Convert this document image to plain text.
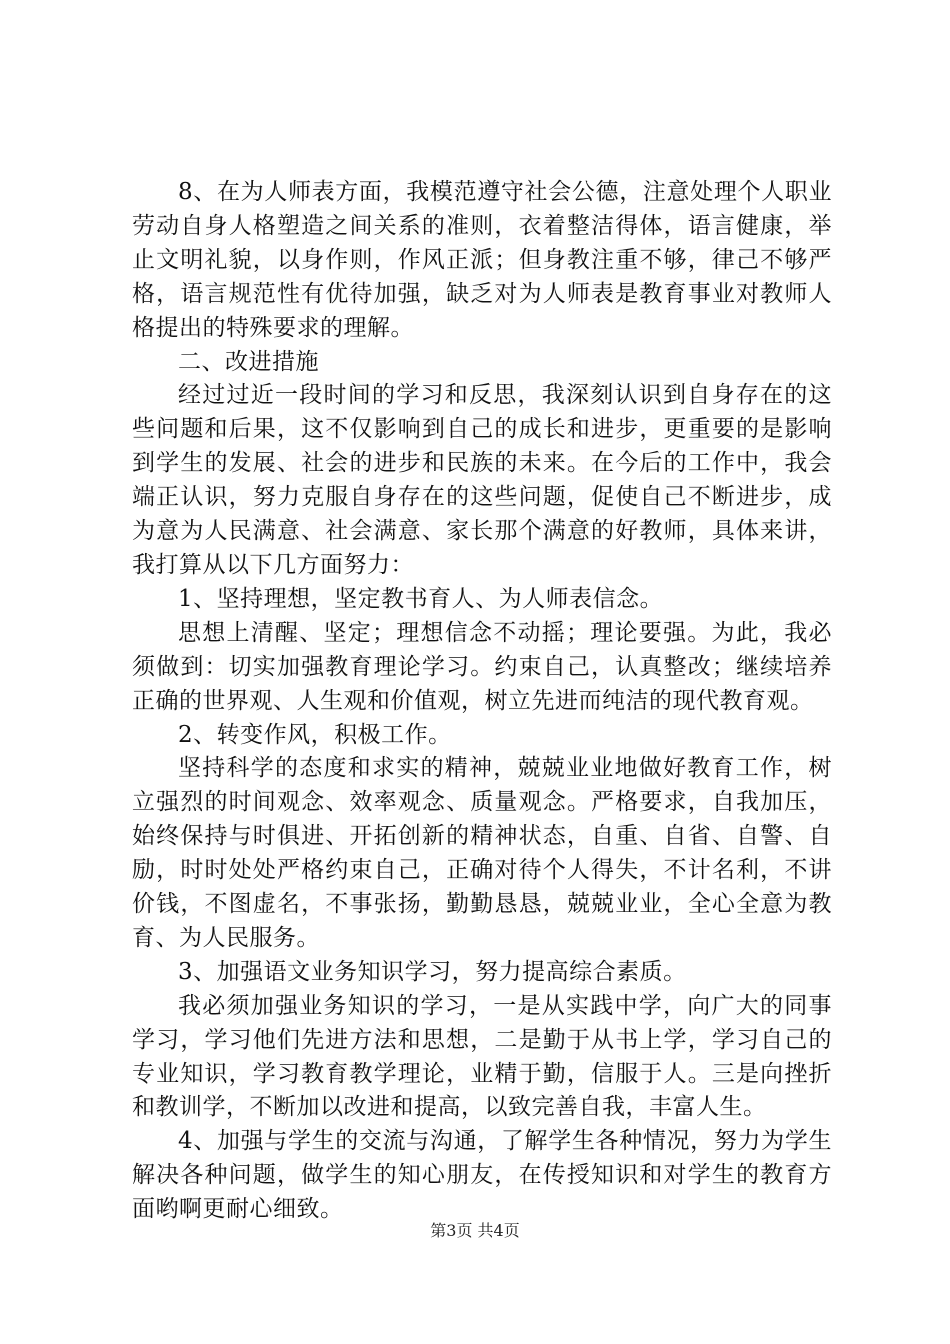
8、在为人师表方面，我模范遵守社会公德，注意处理个人职业劳动自身人格塑造之间关系的准则，衣着整洁得体，语言健康，举止文明礼貌，以身作则，作风正派；但身教注重不够，律己不够严格，语言规范性有优待加强，缺乏对为人师表是教育事业对教师人格提出的特殊要求的理解。

二、改进措施

经过过近一段时间的学习和反思，我深刻认识到自身存在的这些问题和后果，这不仅影响到自己的成长和进步，更重要的是影响到学生的发展、社会的进步和民族的未来。在今后的工作中，我会端正认识，努力克服自身存在的这些问题，促使自己不断进步，成为意为人民满意、社会满意、家长那个满意的好教师，具体来讲，我打算从以下几方面努力：

1、坚持理想，坚定教书育人、为人师表信念。

思想上清醒、坚定；理想信念不动摇；理论要强。为此，我必须做到：切实加强教育理论学习。约束自己，认真整改；继续培养正确的世界观、人生观和价值观，树立先进而纯洁的现代教育观。

2、转变作风，积极工作。

坚持科学的态度和求实的精神，兢兢业业地做好教育工作，树立强烈的时间观念、效率观念、质量观念。严格要求，自我加压，始终保持与时俱进、开拓创新的精神状态，自重、自省、自警、自励，时时处处严格约束自己，正确对待个人得失，不计名利，不讲价钱，不图虚名，不事张扬，勤勤恳恳，兢兢业业，全心全意为教育、为人民服务。

3、加强语文业务知识学习，努力提高综合素质。

我必须加强业务知识的学习，一是从实践中学，向广大的同事学习，学习他们先进方法和思想，二是勤于从书上学，学习自己的专业知识，学习教育教学理论，业精于勤，信服于人。三是向挫折和教训学，不断加以改进和提高，以致完善自我，丰富人生。

4、加强与学生的交流与沟通，了解学生各种情况，努力为学生解决各种问题，做学生的知心朋友，在传授知识和对学生的教育方面哟啊更耐心细致。

第3页 共4页
